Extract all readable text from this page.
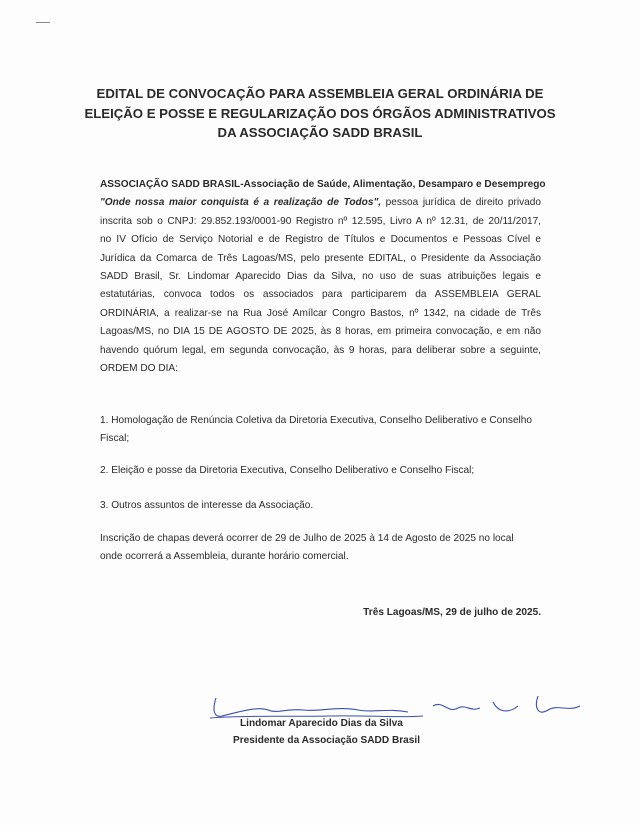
EDITAL DE CONVOCAÇÃO PARA ASSEMBLEIA GERAL ORDINÁRIA DE
ELEIÇÃO E POSSE E REGULARIZAÇÃO DOS ÓRGÃOS ADMINISTRATIVOS
DA ASSOCIAÇÃO SADD BRASIL
ASSOCIAÇÃO SADD BRASIL-Associação de Saúde, Alimentação, Desamparo e Desemprego
"Onde nossa maior conquista é a realização de Todos", pessoa jurídica de direito privado
inscrita sob o CNPJ: 29.852.193/0001-90 Registro nº 12.595, Livro A nº 12.31, de 20/11/2017,
no IV Ofício de Serviço Notorial e de Registro de Títulos e Documentos e Pessoas Cível e
Jurídica da Comarca de Três Lagoas/MS, pelo presente EDITAL, o Presidente da Associação
SADD Brasil, Sr. Lindomar Aparecido Dias da Silva, no uso de suas atribuições legais e
estatutárias, convoca todos os associados para participarem da ASSEMBLEIA GERAL
ORDINÁRIA, a realizar-se na Rua José Amílcar Congro Bastos, nº 1342, na cidade de Três
Lagoas/MS, no DIA 15 DE AGOSTO DE 2025, às 8 horas, em primeira convocação, e em não
havendo quórum legal, em segunda convocação, às 9 horas, para deliberar sobre a seguinte,
ORDEM DO DIA:
1. Homologação de Renúncia Coletiva da Diretoria Executiva, Conselho Deliberativo e Conselho
Fiscal;
2. Eleição e posse da Diretoria Executiva, Conselho Deliberativo e Conselho Fiscal;
3. Outros assuntos de interesse da Associação.
Inscrição de chapas deverá ocorrer de 29 de Julho de 2025 à 14 de Agosto de 2025 no local
onde ocorrerá a Assembleia, durante horário comercial.
Três Lagoas/MS, 29 de julho de 2025.
Lindomar Aparecido Dias da Silva
Presidente da Associação SADD Brasil
